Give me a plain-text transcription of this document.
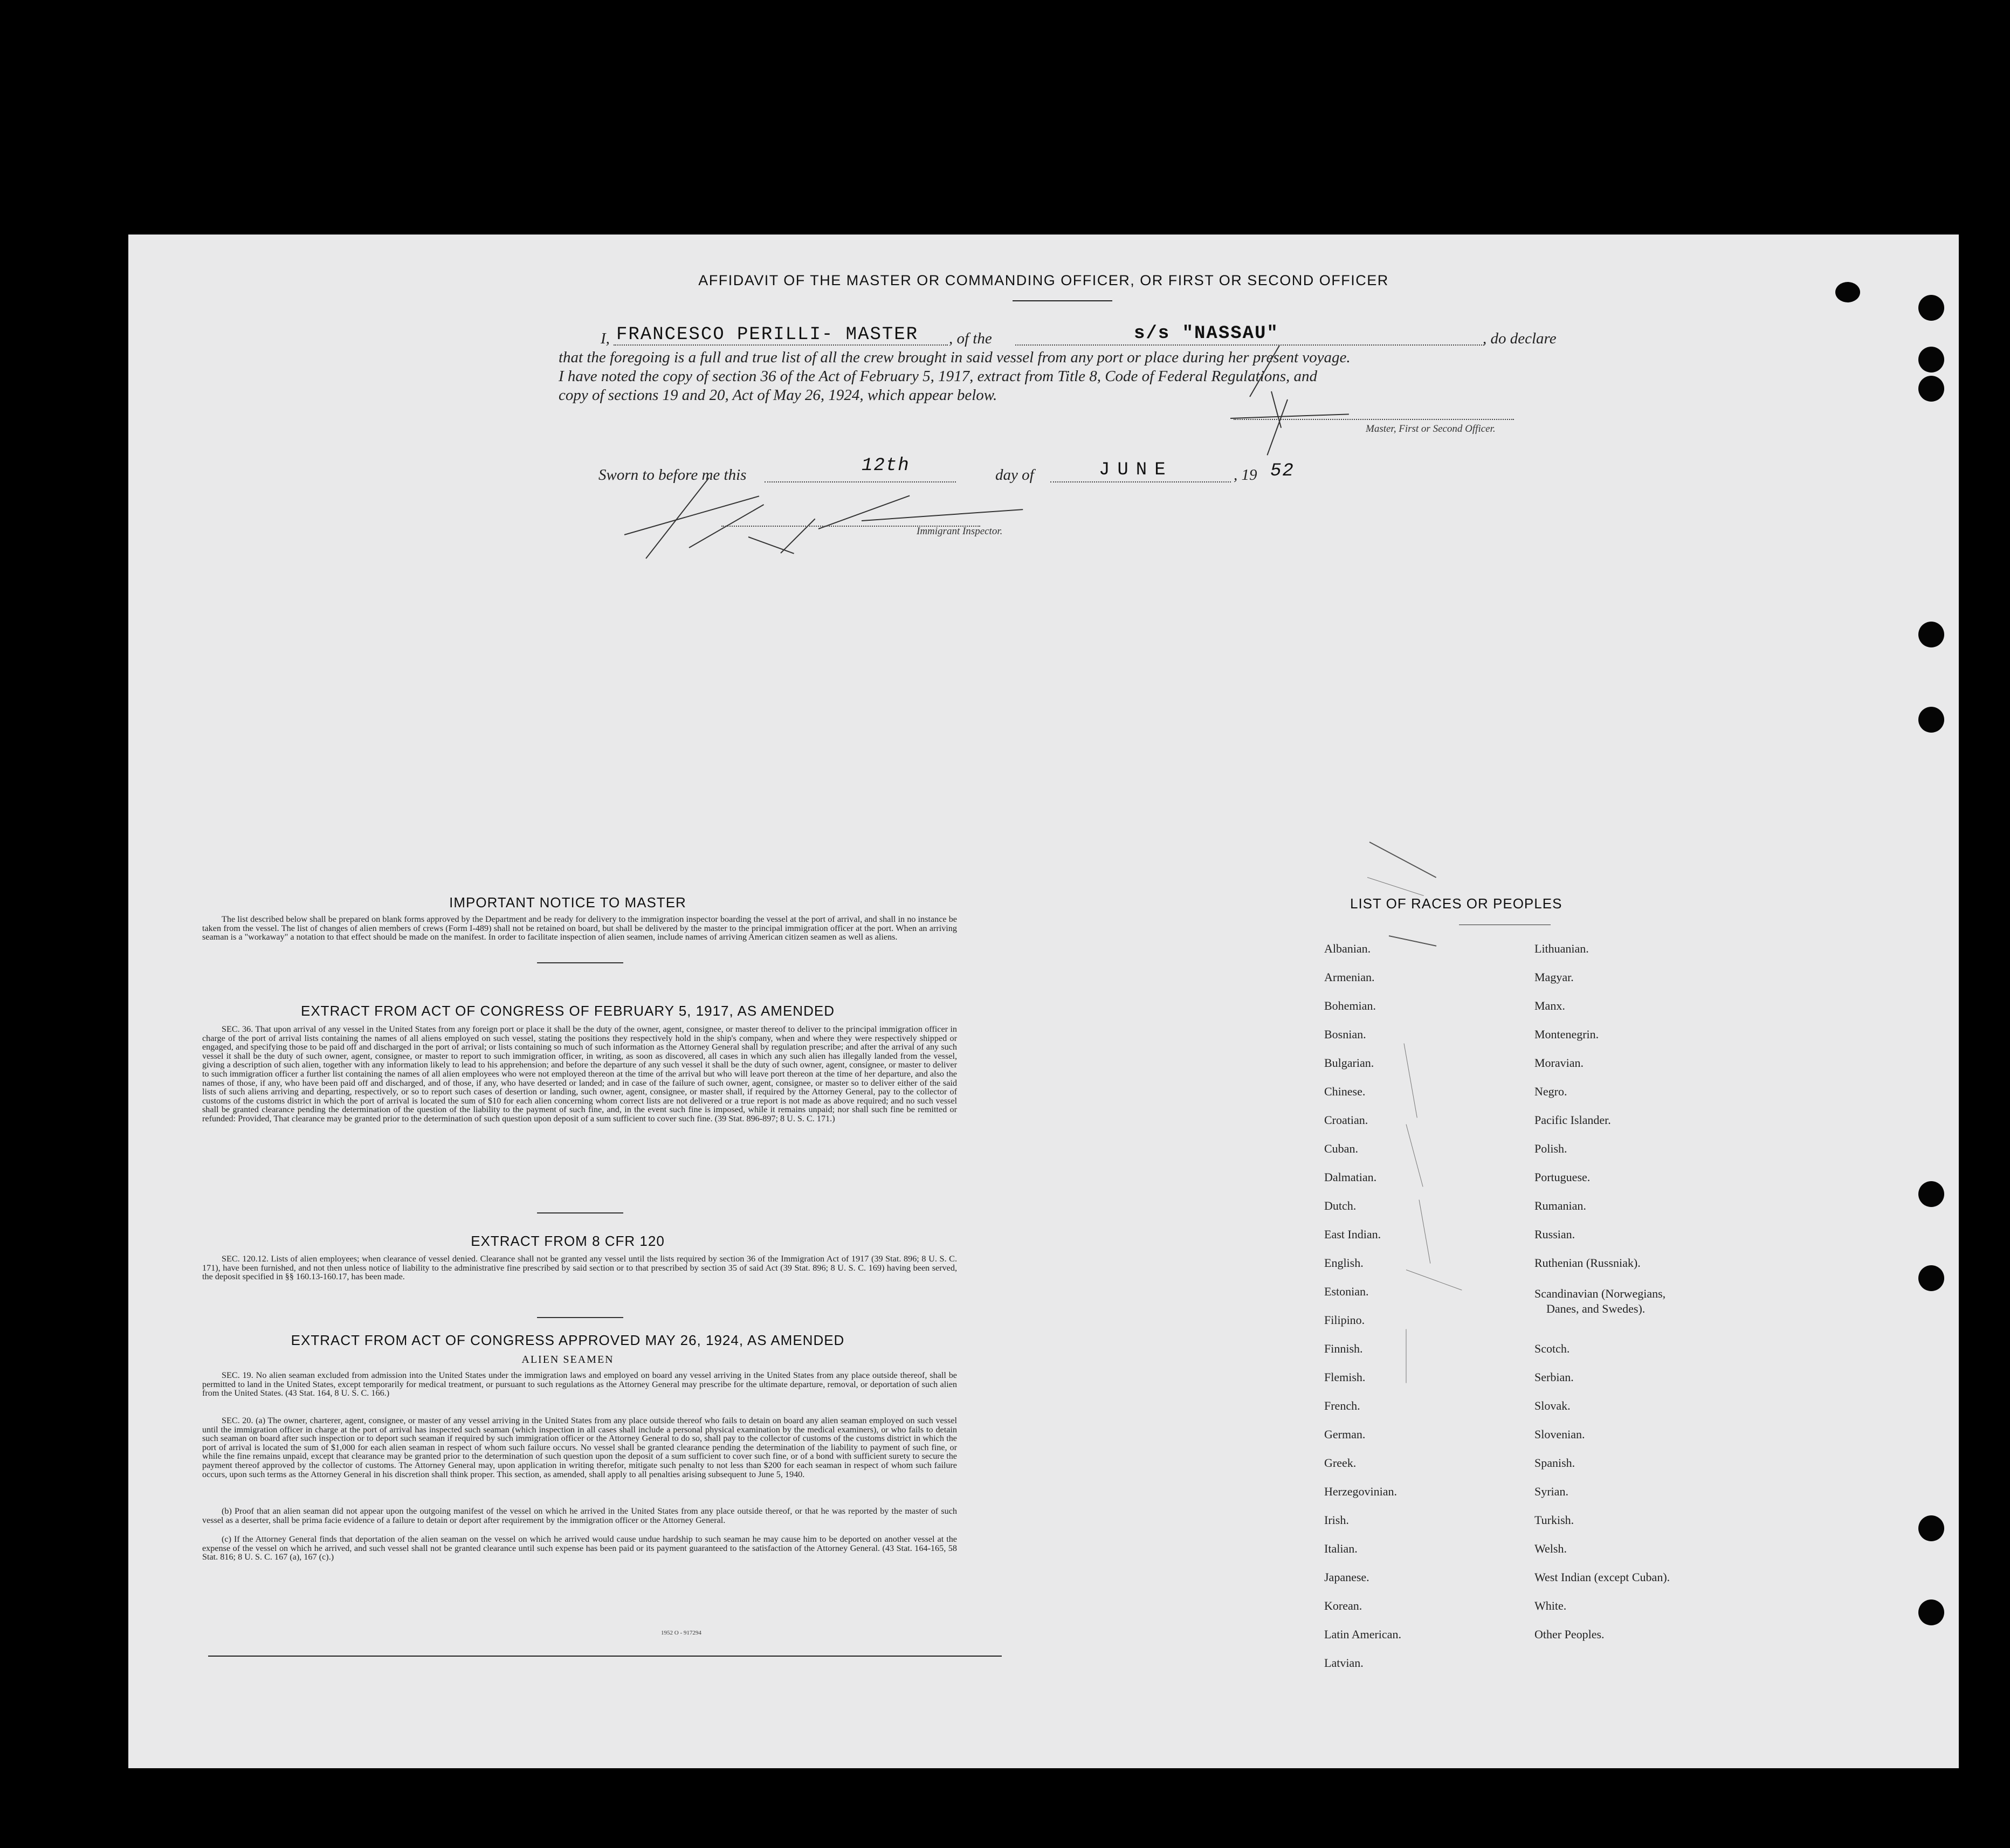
AFFIDAVIT OF THE MASTER OR COMMANDING OFFICER, OR FIRST OR SECOND OFFICER
I, FRANCESCO PERILLI- MASTER , of the	s/s "NASSAU"	, do declare
that the foregoing is a full and true list of all the crew brought in said vessel from any port or place during her present voyage.
I have noted the copy of section 36 of the Act of February 5, 1917, extract from Title 8, Code of Federal Regulations, and
copy of sections 19 and 20, Act of May 26, 1924, which appear below.
Master, First or Second Officer.
Sworn to before me this	12th	day of	JUNE	, 19 52
Immigrant Inspector.
IMPORTANT NOTICE TO MASTER
The list described below shall be prepared on blank forms approved by the Department and be ready for delivery to the immigration inspector boarding the vessel at the port of arrival, and shall in no instance be taken from the vessel. The list of changes of alien members of crews (Form I-489) shall not be retained on board, but shall be delivered by the master to the principal immigration officer at the port. When an arriving seaman is a "workaway" a notation to that effect should be made on the manifest. In order to facilitate inspection of alien seamen, include names of arriving American citizen seamen as well as aliens.
EXTRACT FROM ACT OF CONGRESS OF FEBRUARY 5, 1917, AS AMENDED
SEC. 36. That upon arrival of any vessel in the United States from any foreign port or place it shall be the duty of the owner, agent, consignee, or master thereof to deliver to the principal immigration officer in charge of the port of arrival lists containing the names of all aliens employed on such vessel, stating the positions they respectively hold in the ship's company, when and where they were respectively shipped or engaged, and specifying those to be paid off and discharged in the port of arrival; or lists containing so much of such information as the Attorney General shall by regulation prescribe; and after the arrival of any such vessel it shall be the duty of such owner, agent, consignee, or master to report to such immigration officer, in writing, as soon as discovered, all cases in which any such alien has illegally landed from the vessel, giving a description of such alien, together with any information likely to lead to his apprehension; and before the departure of any such vessel it shall be the duty of such owner, agent, consignee, or master to deliver to such immigration officer a further list containing the names of all alien employees who were not employed thereon at the time of the arrival but who will leave port thereon at the time of her departure, and also the names of those, if any, who have been paid off and discharged, and of those, if any, who have deserted or landed; and in case of the failure of such owner, agent, consignee, or master so to deliver either of the said lists of such aliens arriving and departing, respectively, or so to report such cases of desertion or landing, such owner, agent, consignee, or master shall, if required by the Attorney General, pay to the collector of customs of the customs district in which the port of arrival is located the sum of $10 for each alien concerning whom correct lists are not delivered or a true report is not made as above required; and no such vessel shall be granted clearance pending the determination of the question of the liability to the payment of such fine, and, in the event such fine is imposed, while it remains unpaid; nor shall such fine be remitted or refunded: Provided, That clearance may be granted prior to the determination of such question upon deposit of a sum sufficient to cover such fine. (39 Stat. 896-897; 8 U. S. C. 171.)
EXTRACT FROM 8 CFR 120
SEC. 120.12. Lists of alien employees; when clearance of vessel denied. Clearance shall not be granted any vessel until the lists required by section 36 of the Immigration Act of 1917 (39 Stat. 896; 8 U. S. C. 171), have been furnished, and not then unless notice of liability to the administrative fine prescribed by said section or to that prescribed by section 35 of said Act (39 Stat. 896; 8 U. S. C. 169) having been served, the deposit specified in §§ 160.13-160.17, has been made.
EXTRACT FROM ACT OF CONGRESS APPROVED MAY 26, 1924, AS AMENDED
ALIEN SEAMEN
SEC. 19. No alien seaman excluded from admission into the United States under the immigration laws and employed on board any vessel arriving in the United States from any place outside thereof, shall be permitted to land in the United States, except temporarily for medical treatment, or pursuant to such regulations as the Attorney General may prescribe for the ultimate departure, removal, or deportation of such alien from the United States. (43 Stat. 164, 8 U. S. C. 166.)
SEC. 20. (a) The owner, charterer, agent, consignee, or master of any vessel arriving in the United States from any place outside thereof who fails to detain on board any alien seaman employed on such vessel until the immigration officer in charge at the port of arrival has inspected such seaman (which inspection in all cases shall include a personal physical examination by the medical examiners), or who fails to detain such seaman on board after such inspection or to deport such seaman if required by such immigration officer or the Attorney General to do so, shall pay to the collector of customs of the customs district in which the port of arrival is located the sum of $1,000 for each alien seaman in respect of whom such failure occurs. No vessel shall be granted clearance pending the determination of the liability to payment of such fine, or while the fine remains unpaid, except that clearance may be granted prior to the determination of such question upon the deposit of a sum sufficient to cover such fine, or of a bond with sufficient surety to secure the payment thereof approved by the collector of customs. The Attorney General may, upon application in writing therefor, mitigate such penalty to not less than $200 for each seaman in respect of whom such failure occurs, upon such terms as the Attorney General in his discretion shall think proper. This section, as amended, shall apply to all penalties arising subsequent to June 5, 1940.
(b) Proof that an alien seaman did not appear upon the outgoing manifest of the vessel on which he arrived in the United States from any place outside thereof, or that he was reported by the master of such vessel as a deserter, shall be prima facie evidence of a failure to detain or deport after requirement by the immigration officer or the Attorney General.
(c) If the Attorney General finds that deportation of the alien seaman on the vessel on which he arrived would cause undue hardship to such seaman he may cause him to be deported on another vessel at the expense of the vessel on which he arrived, and such vessel shall not be granted clearance until such expense has been paid or its payment guaranteed to the satisfaction of the Attorney General. (43 Stat. 164-165, 58 Stat. 816; 8 U. S. C. 167 (a), 167 (c).)
1952 O - 917294
LIST OF RACES OR PEOPLES
Albanian.
Armenian.
Bohemian.
Bosnian.
Bulgarian.
Chinese.
Croatian.
Cuban.
Dalmatian.
Dutch.
East Indian.
English.
Estonian.
Filipino.
Finnish.
Flemish.
French.
German.
Greek.
Herzegovinian.
Irish.
Italian.
Japanese.
Korean.
Latin American.
Latvian.
Lithuanian.
Magyar.
Manx.
Montenegrin.
Moravian.
Negro.
Pacific Islander.
Polish.
Portuguese.
Rumanian.
Russian.
Ruthenian (Russniak).
Scandinavian (Norwegians,
Danes, and Swedes).
Scotch.
Serbian.
Slovak.
Slovenian.
Spanish.
Syrian.
Turkish.
Welsh.
West Indian (except Cuban).
White.
Other Peoples.
